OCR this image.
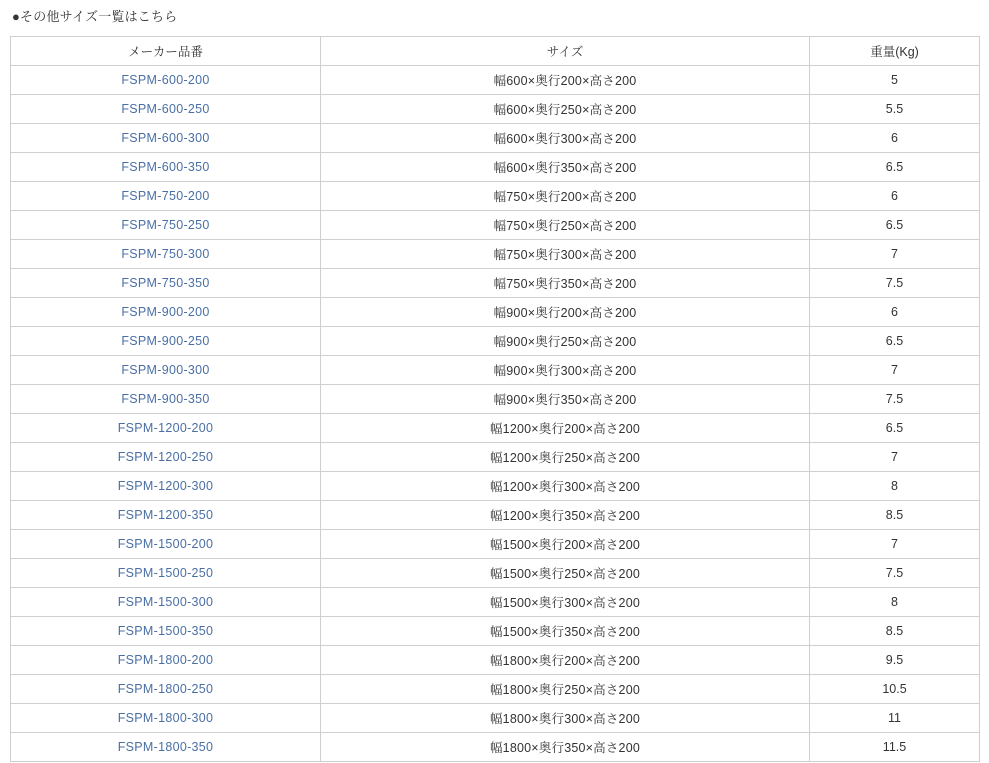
●その他サイズ一覧はこちら
メーカー品番	サイズ	重量(Kg)
FSPM-600-200	幅600×奥行200×高さ200	5
FSPM-600-250	幅600×奥行250×高さ200	5.5
FSPM-600-300	幅600×奥行300×高さ200	6
FSPM-600-350	幅600×奥行350×高さ200	6.5
FSPM-750-200	幅750×奥行200×高さ200	6
FSPM-750-250	幅750×奥行250×高さ200	6.5
FSPM-750-300	幅750×奥行300×高さ200	7
FSPM-750-350	幅750×奥行350×高さ200	7.5
FSPM-900-200	幅900×奥行200×高さ200	6
FSPM-900-250	幅900×奥行250×高さ200	6.5
FSPM-900-300	幅900×奥行300×高さ200	7
FSPM-900-350	幅900×奥行350×高さ200	7.5
FSPM-1200-200	幅1200×奥行200×高さ200	6.5
FSPM-1200-250	幅1200×奥行250×高さ200	7
FSPM-1200-300	幅1200×奥行300×高さ200	8
FSPM-1200-350	幅1200×奥行350×高さ200	8.5
FSPM-1500-200	幅1500×奥行200×高さ200	7
FSPM-1500-250	幅1500×奥行250×高さ200	7.5
FSPM-1500-300	幅1500×奥行300×高さ200	8
FSPM-1500-350	幅1500×奥行350×高さ200	8.5
FSPM-1800-200	幅1800×奥行200×高さ200	9.5
FSPM-1800-250	幅1800×奥行250×高さ200	10.5
FSPM-1800-300	幅1800×奥行300×高さ200	11
FSPM-1800-350	幅1800×奥行350×高さ200	11.5
